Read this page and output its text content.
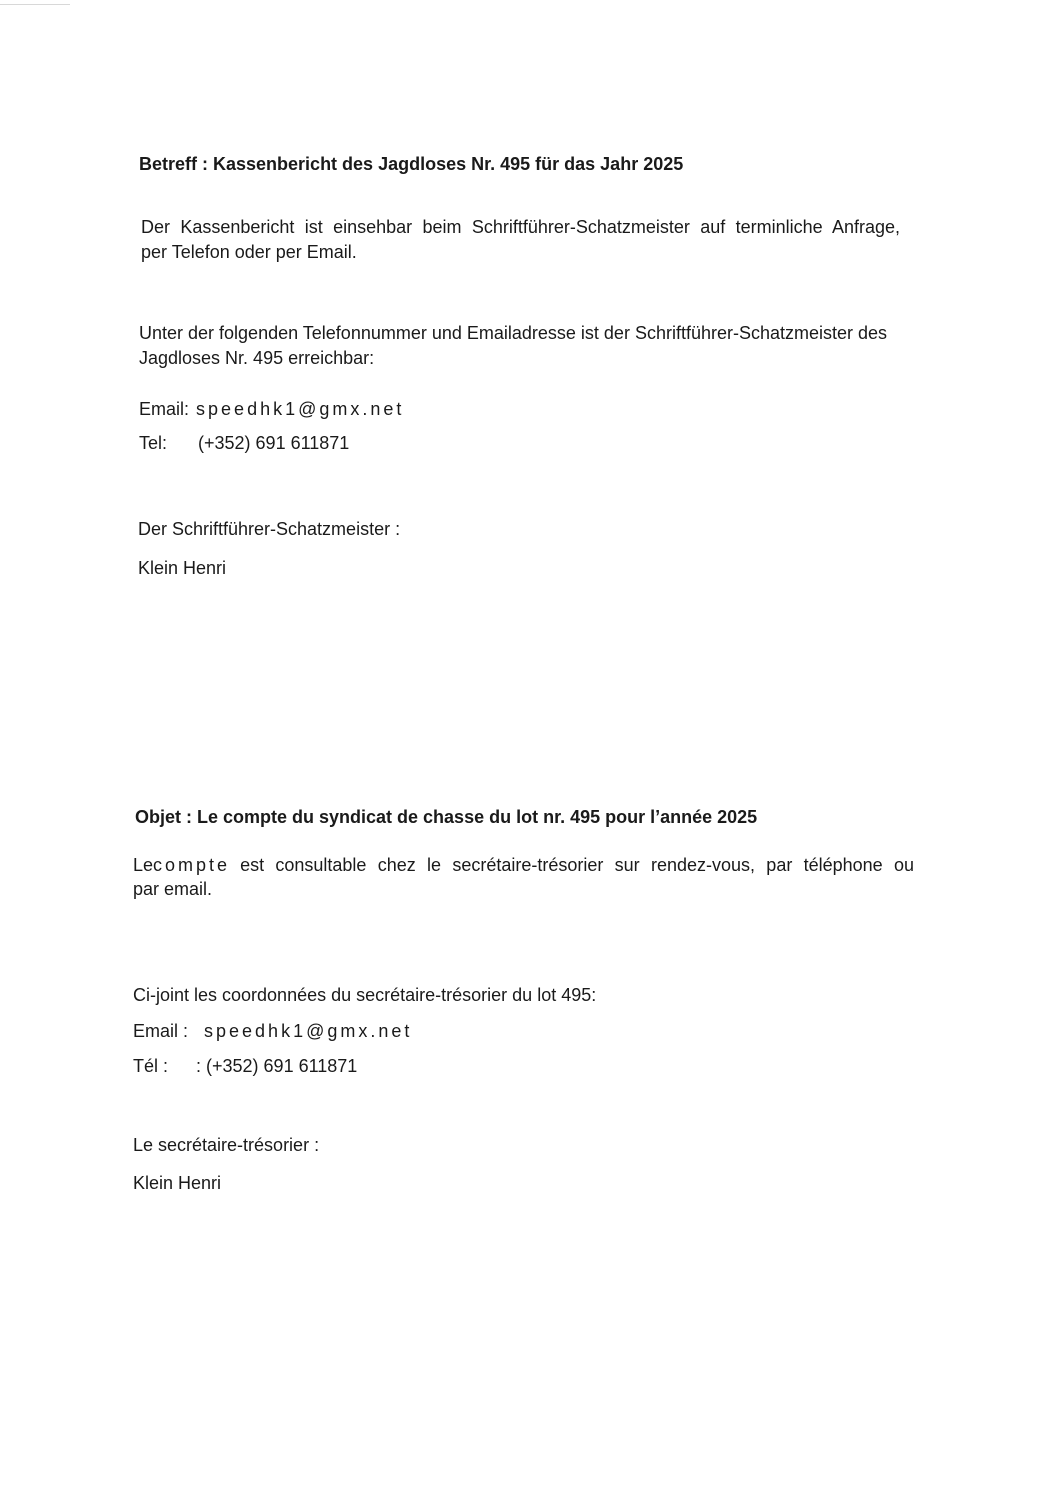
Betreff : Kassenbericht des Jagdloses Nr. 495 für das Jahr 2025
Der Kassenbericht ist einsehbar beim Schriftführer-Schatzmeister auf terminliche Anfrage,
per Telefon oder per Email.
Unter der folgenden Telefonnummer und Emailadresse ist der Schriftführer-Schatzmeister des
Jagdloses Nr. 495 erreichbar:
Email: speedhk1@gmx.net
Tel: (+352) 691 611871
Der Schriftführer-Schatzmeister :
Klein Henri
Objet : Le compte du syndicat de chasse du lot nr. 495 pour l’année 2025
Le compte est consultable chez le secrétaire-trésorier sur rendez-vous, par téléphone ou
par email.
Ci-joint les coordonnées du secrétaire-trésorier du lot 495:
Email : speedhk1@gmx.net
Tél : : (+352) 691 611871
Le secrétaire-trésorier :
Klein Henri
